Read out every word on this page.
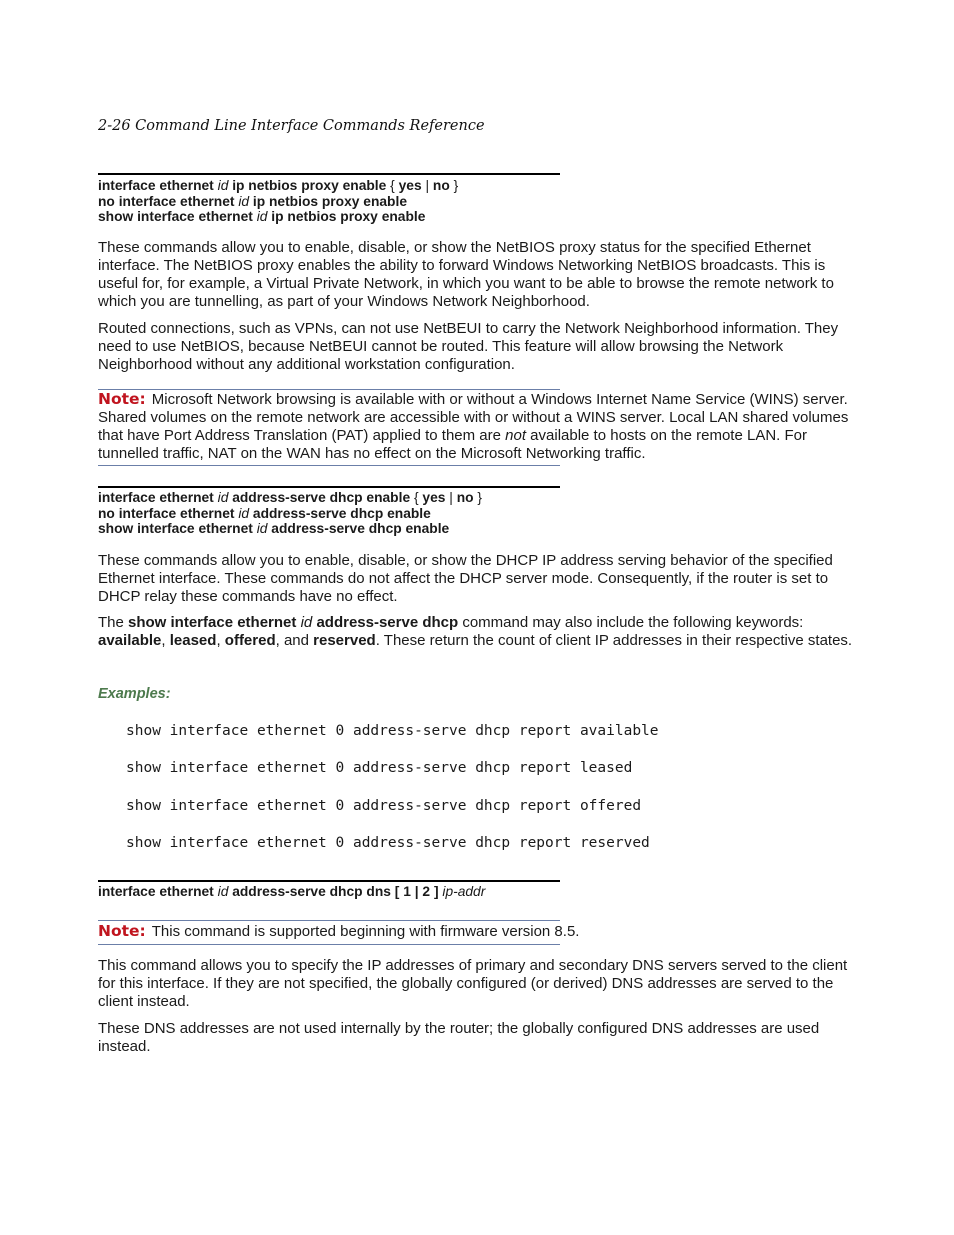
2-26 Command Line Interface Commands Reference
interface ethernet id ip netbios proxy enable { yes | no }
no interface ethernet id ip netbios proxy enable
show interface ethernet id ip netbios proxy enable

These commands allow you to enable, disable, or show the NetBIOS proxy status for the specified Ethernet interface. The NetBIOS proxy enables the ability to forward Windows Networking NetBIOS broadcasts. This is useful for, for example, a Virtual Private Network, in which you want to be able to browse the remote network to which you are tunnelling, as part of your Windows Network Neighborhood.

Routed connections, such as VPNs, can not use NetBEUI to carry the Network Neighborhood information. They need to use NetBIOS, because NetBEUI cannot be routed. This feature will allow browsing the Network Neighborhood without any additional workstation configuration.

Note: Microsoft Network browsing is available with or without a Windows Internet Name Service (WINS) server. Shared volumes on the remote network are accessible with or without a WINS server. Local LAN shared volumes that have Port Address Translation (PAT) applied to them are not available to hosts on the remote LAN. For tunnelled traffic, NAT on the WAN has no effect on the Microsoft Networking traffic.

interface ethernet id address-serve dhcp enable { yes | no }
no interface ethernet id address-serve dhcp enable
show interface ethernet id address-serve dhcp enable

These commands allow you to enable, disable, or show the DHCP IP address serving behavior of the specified Ethernet interface. These commands do not affect the DHCP server mode. Consequently, if the router is set to DHCP relay these commands have no effect.

The show interface ethernet id address-serve dhcp command may also include the following keywords: available, leased, offered, and reserved. These return the count of client IP addresses in their respective states.

Examples:
show interface ethernet 0 address-serve dhcp report available
show interface ethernet 0 address-serve dhcp report leased
show interface ethernet 0 address-serve dhcp report offered
show interface ethernet 0 address-serve dhcp report reserved
interface ethernet id address-serve dhcp dns [ 1 | 2 ] ip-addr

Note: This command is supported beginning with firmware version 8.5.

This command allows you to specify the IP addresses of primary and secondary DNS servers served to the client for this interface. If they are not specified, the globally configured (or derived) DNS addresses are served to the client instead.

These DNS addresses are not used internally by the router; the globally configured DNS addresses are used instead.
